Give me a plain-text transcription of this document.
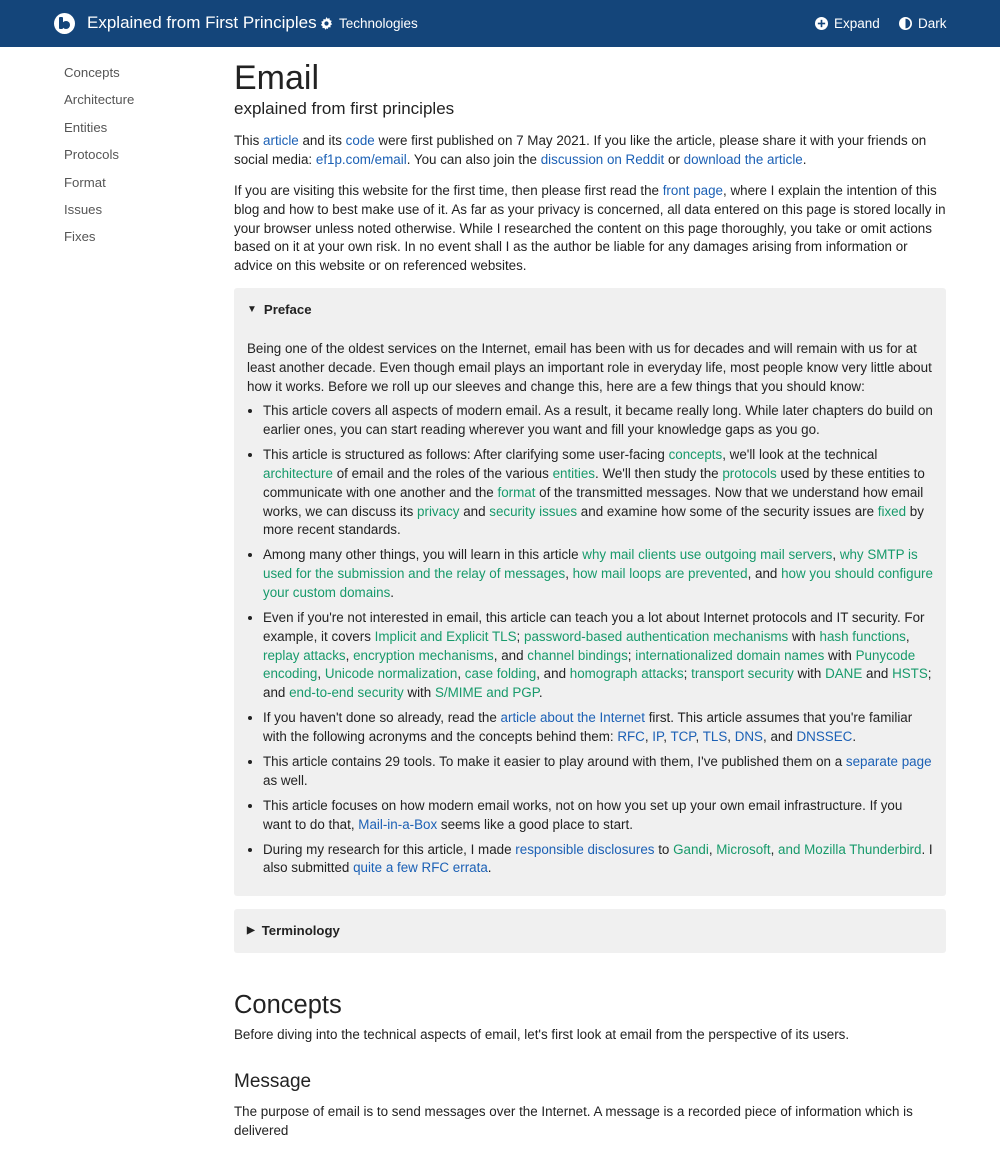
Explained from First Principles Technologies	Expand	Dark
Concepts
Architecture
Entities
Protocols
Format
Issues
Fixes
Email
explained from first principles

This article and its code were first published on 7 May 2021. If you like the article, please share it with your friends on social media: ef1p.com/email. You can also join the discussion on Reddit or download the article.

If you are visiting this website for the first time, then please first read the front page, where I explain the intention of this blog and how to best make use of it. As far as your privacy is concerned, all data entered on this page is stored locally in your browser unless noted otherwise. While I researched the content on this page thoroughly, you take or omit actions based on it at your own risk. In no event shall I as the author be liable for any damages arising from information or advice on this website or on referenced websites.

▼ Preface

Being one of the oldest services on the Internet, email has been with us for decades and will remain with us for at least another decade. Even though email plays an important role in everyday life, most people know very little about how it works. Before we roll up our sleeves and change this, here are a few things that you should know:

• This article covers all aspects of modern email. As a result, it became really long. While later chapters do build on earlier ones, you can start reading wherever you want and fill your knowledge gaps as you go.
• This article is structured as follows: After clarifying some user-facing concepts, we'll look at the technical architecture of email and the roles of the various entities. We'll then study the protocols used by these entities to communicate with one another and the format of the transmitted messages. Now that we understand how email works, we can discuss its privacy and security issues and examine how some of the security issues are fixed by more recent standards.
• Among many other things, you will learn in this article why mail clients use outgoing mail servers, why SMTP is used for the submission and the relay of messages, how mail loops are prevented, and how you should configure your custom domains.
• Even if you're not interested in email, this article can teach you a lot about Internet protocols and IT security. For example, it covers Implicit and Explicit TLS; password-based authentication mechanisms with hash functions, replay attacks, encryption mechanisms, and channel bindings; internationalized domain names with Punycode encoding, Unicode normalization, case folding, and homograph attacks; transport security with DANE and HSTS; and end-to-end security with S/MIME and PGP.
• If you haven't done so already, read the article about the Internet first. This article assumes that you're familiar with the following acronyms and the concepts behind them: RFC, IP, TCP, TLS, DNS, and DNSSEC.
• This article contains 29 tools. To make it easier to play around with them, I've published them on a separate page as well.
• This article focuses on how modern email works, not on how you set up your own email infrastructure. If you want to do that, Mail-in-a-Box seems like a good place to start.
• During my research for this article, I made responsible disclosures to Gandi, Microsoft, and Mozilla Thunderbird. I also submitted quite a few RFC errata.
▶ Terminology
Concepts

Before diving into the technical aspects of email, let's first look at email from the perspective of its users.

Message

The purpose of email is to send messages over the Internet. A message is a recorded piece of information which is delivered
